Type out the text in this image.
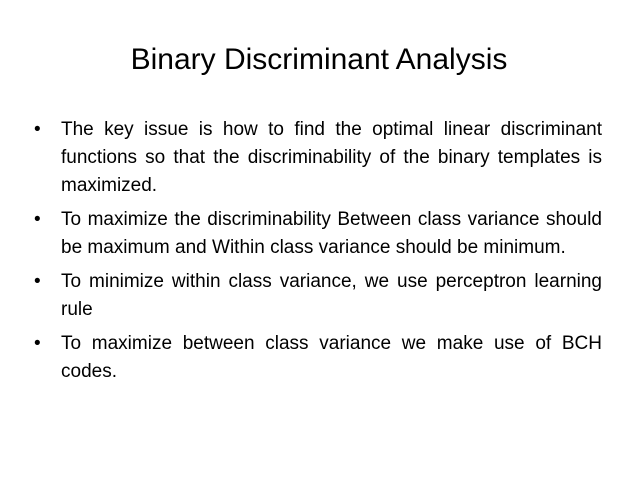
Binary Discriminant Analysis
•	The key issue is how to find the optimal linear discriminant functions so that the discriminability of the binary templates is maximized.
•	To maximize the discriminability Between class variance should be maximum and Within class variance should be minimum.
•	To minimize within class variance, we use perceptron learning rule
•	To maximize between class variance we make use of BCH codes.
